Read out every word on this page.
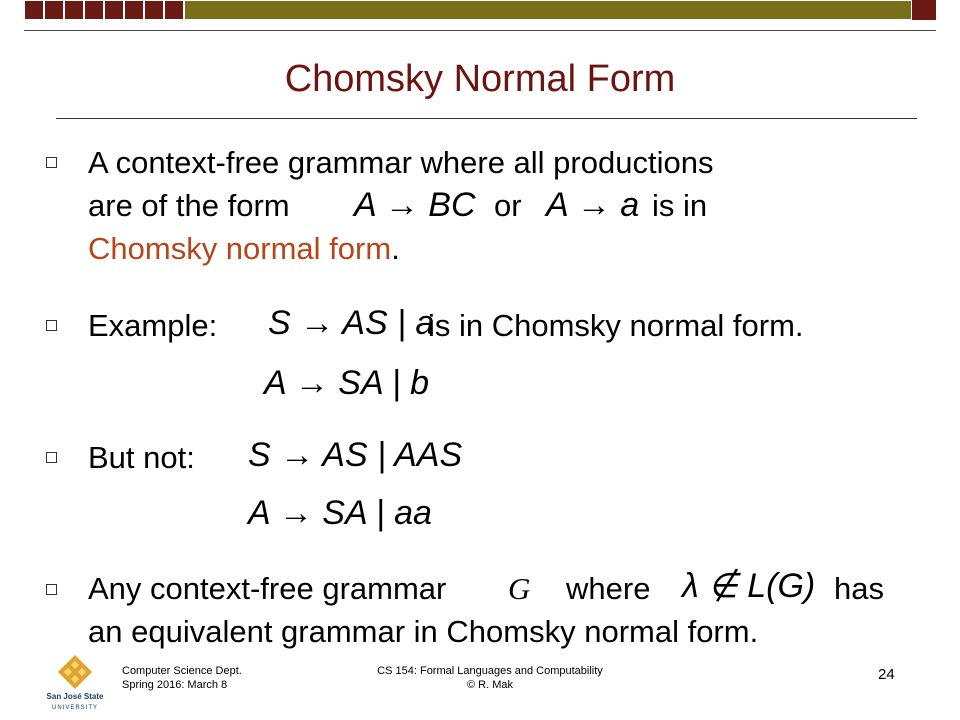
Chomsky Normal Form
A context-free grammar where all productions
are of the form A → BC or A → a is in
Chomsky normal form.
Example: S → AS | a
is in Chomsky normal form.
A → SA | b
But not: S → AS | AAS
A → SA | aa
Any context-free grammar G where λ ∉ L(G) has
an equivalent grammar in Chomsky normal form.
San José State
UNIVERSITY
Computer Science Dept.
Spring 2016: March 8
CS 154: Formal Languages and Computability
© R. Mak
24
